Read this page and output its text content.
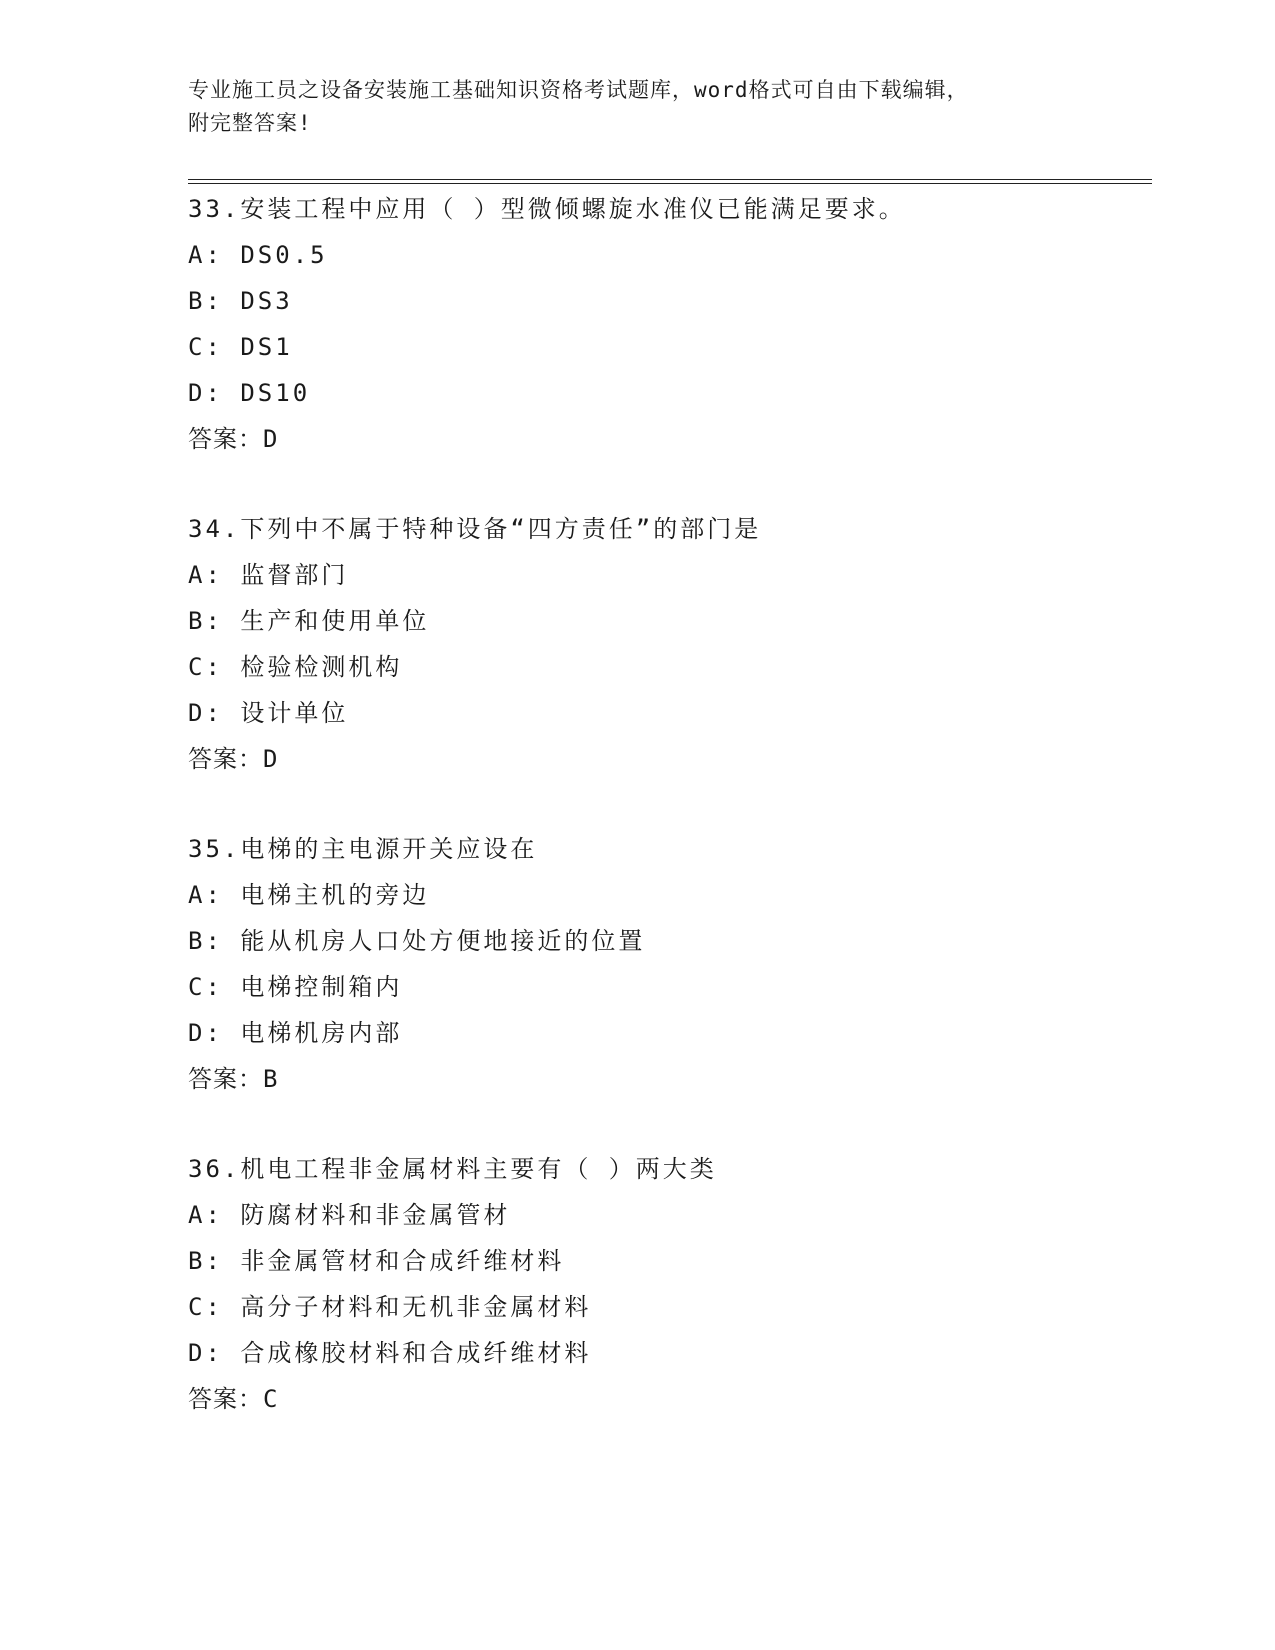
专业施工员之设备安装施工基础知识资格考试题库，word格式可自由下载编辑，
附完整答案!
33.安装工程中应用（ ）型微倾螺旋水准仪已能满足要求。
A: DS0.5
B: DS3
C: DS1
D: DS10
答案：D
34.下列中不属于特种设备“四方责任”的部门是
A: 监督部门
B: 生产和使用单位
C: 检验检测机构
D: 设计单位
答案：D
35.电梯的主电源开关应设在
A: 电梯主机的旁边
B: 能从机房人口处方便地接近的位置
C: 电梯控制箱内
D: 电梯机房内部
答案：B
36.机电工程非金属材料主要有（ ）两大类
A: 防腐材料和非金属管材
B: 非金属管材和合成纤维材料
C: 高分子材料和无机非金属材料
D: 合成橡胶材料和合成纤维材料
答案：C
